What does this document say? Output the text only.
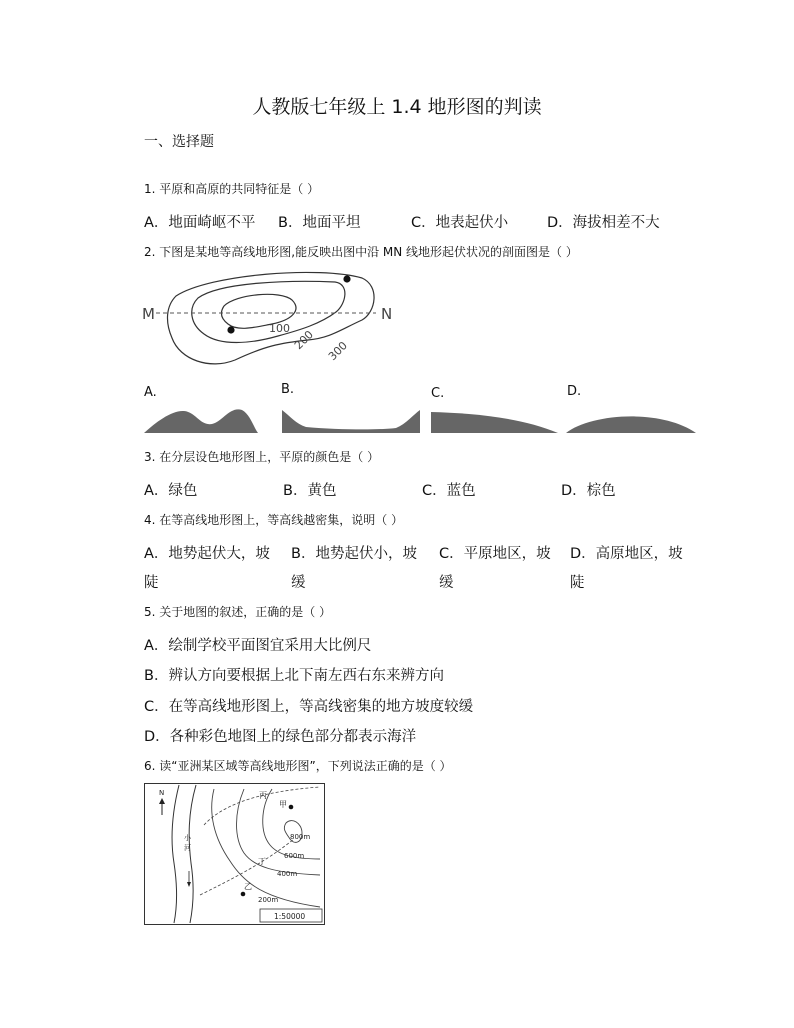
人教版七年级上 1.4 地形图的判读
一、选择题
1. 平原和高原的共同特征是（ ）
A．地面崎岖不平 B．地面平坦	C．地表起伏小	D．海拔相差不大
2. 下图是某地等高线地形图,能反映出图中沿 MN 线地形起伏状况的剖面图是（ ）
M	N
100 200 300
A.	B.	C.	D.
3. 在分层设色地形图上，平原的颜色是（ ）
A．绿色	B．黄色	C．蓝色	D．棕色
4. 在等高线地形图上，等高线越密集，说明（ ）
A．地势起伏大，坡
陡
B．地势起伏小，坡
缓
C．平原地区，坡
缓
D．高原地区，坡
陡
5. 关于地图的叙述，正确的是（ ）
A．绘制学校平面图宜采用大比例尺
B．辨认方向要根据上北下南左西右东来辨方向
C．在等高线地形图上，等高线密集的地方坡度较缓
D．各种彩色地图上的绿色部分都表示海洋
6. 读“亚洲某区域等高线地形图”，下列说法正确的是（ ）
N
小
河
丙
甲
丁
乙
800m
600m
400m
200m
1:50000
